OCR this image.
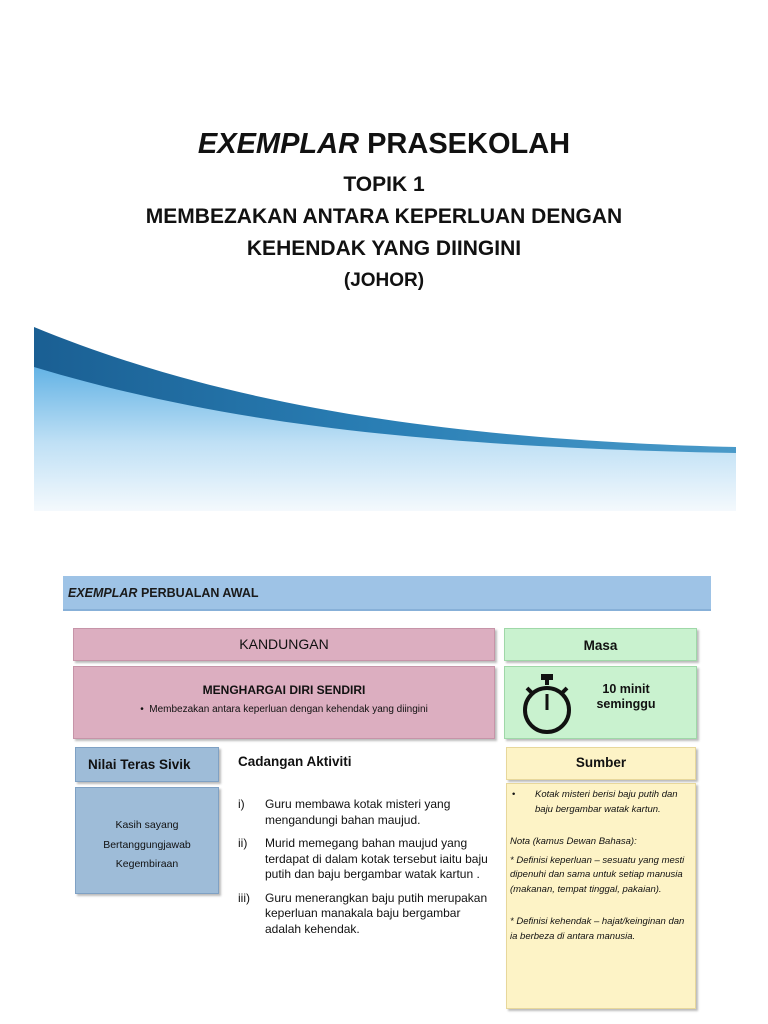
EXEMPLAR PRASEKOLAH
TOPIK 1
MEMBEZAKAN ANTARA KEPERLUAN DENGAN
KEHENDAK YANG DIINGINI
(JOHOR)
EXEMPLAR PERBUALAN AWAL
KANDUNGAN
MENGHARGAI DIRI SENDIRI
•  Membezakan antara keperluan dengan kehendak yang diingini
Masa
10 minit
seminggu
Nilai Teras Sivik
Kasih sayang
Bertanggungjawab
Kegembiraan
Cadangan Aktiviti
i)	Guru membawa kotak misteri yang mengandungi bahan maujud.
ii)	Murid memegang bahan maujud yang terdapat di dalam kotak tersebut iaitu baju putih dan baju bergambar watak kartun .
iii)	Guru menerangkan baju putih merupakan keperluan manakala baju bergambar adalah kehendak.
Sumber
•	Kotak misteri berisi baju putih dan baju bergambar watak kartun.

Nota (kamus Dewan Bahasa):

* Definisi keperluan – sesuatu yang mesti dipenuhi dan sama untuk setiap manusia (makanan, tempat tinggal, pakaian).

* Definisi kehendak – hajat/keinginan dan ia berbeza di antara manusia.
